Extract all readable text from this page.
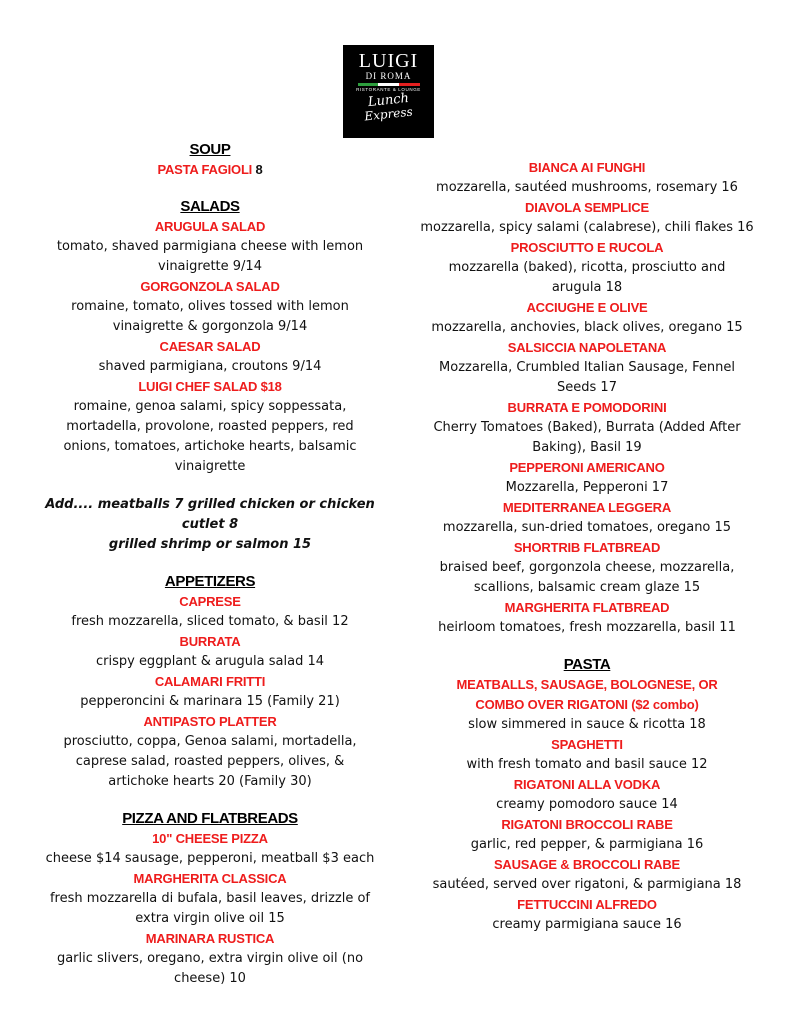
LUIGI
DI ROMA
RISTORANTE & LOUNGE
Lunch
Express
SOUP
PASTA FAGIOLI 8
SALADS
ARUGULA SALAD
tomato, shaved parmigiana cheese with lemon
vinaigrette 9/14
GORGONZOLA SALAD
romaine, tomato, olives tossed with lemon
vinaigrette & gorgonzola 9/14
CAESAR SALAD
shaved parmigiana, croutons 9/14
LUIGI CHEF SALAD $18
romaine, genoa salami, spicy soppessata,
mortadella, provolone, roasted peppers, red
onions, tomatoes, artichoke hearts, balsamic
vinaigrette
Add.... meatballs 7 grilled chicken or chicken
cutlet 8
grilled shrimp or salmon 15
APPETIZERS
CAPRESE
fresh mozzarella, sliced tomato, & basil 12
BURRATA
crispy eggplant & arugula salad 14
CALAMARI FRITTI
pepperoncini & marinara 15 (Family 21)
ANTIPASTO PLATTER
prosciutto, coppa, Genoa salami, mortadella,
caprese salad, roasted peppers, olives, &
artichoke hearts 20 (Family 30)
PIZZA AND FLATBREADS
10" CHEESE PIZZA
cheese $14 sausage, pepperoni, meatball $3 each
MARGHERITA CLASSICA
fresh mozzarella di bufala, basil leaves, drizzle of
extra virgin olive oil 15
MARINARA RUSTICA
garlic slivers, oregano, extra virgin olive oil (no
cheese) 10
BIANCA AI FUNGHI
mozzarella, sautéed mushrooms, rosemary 16
DIAVOLA SEMPLICE
mozzarella, spicy salami (calabrese), chili flakes 16
PROSCIUTTO E RUCOLA
mozzarella (baked), ricotta, prosciutto and
arugula 18
ACCIUGHE E OLIVE
mozzarella, anchovies, black olives, oregano 15
SALSICCIA NAPOLETANA
Mozzarella, Crumbled Italian Sausage, Fennel
Seeds 17
BURRATA E POMODORINI
Cherry Tomatoes (Baked), Burrata (Added After
Baking), Basil 19
PEPPERONI AMERICANO
Mozzarella, Pepperoni 17
MEDITERRANEA LEGGERA
mozzarella, sun-dried tomatoes, oregano 15
SHORTRIB FLATBREAD
braised beef, gorgonzola cheese, mozzarella,
scallions, balsamic cream glaze 15
MARGHERITA FLATBREAD
heirloom tomatoes, fresh mozzarella, basil 11
PASTA
MEATBALLS, SAUSAGE, BOLOGNESE, OR
COMBO OVER RIGATONI ($2 combo)
slow simmered in sauce & ricotta 18
SPAGHETTI
with fresh tomato and basil sauce 12
RIGATONI ALLA VODKA
creamy pomodoro sauce 14
RIGATONI BROCCOLI RABE
garlic, red pepper, & parmigiana 16
SAUSAGE & BROCCOLI RABE
sautéed, served over rigatoni, & parmigiana 18
FETTUCCINI ALFREDO
creamy parmigiana sauce 16
